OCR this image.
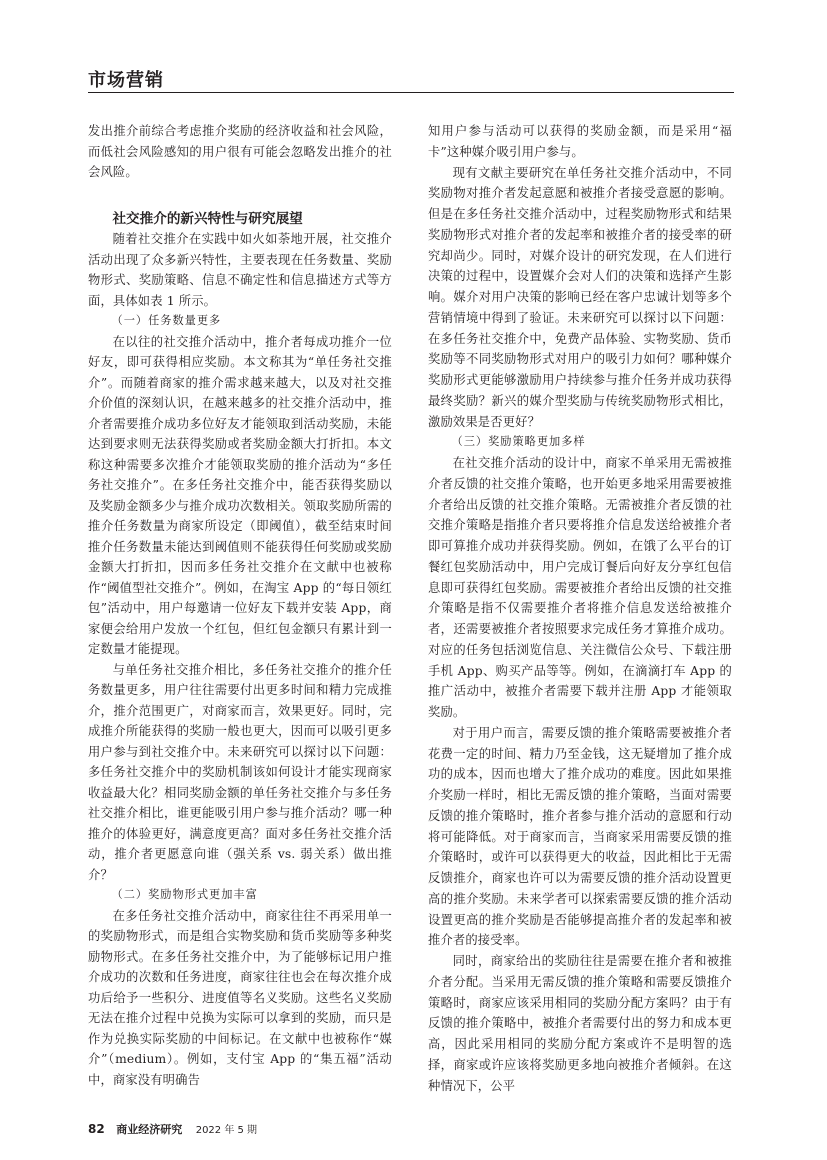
市场营销

发出推介前综合考虑推介奖励的经济收益和社会风险，而低社会风险感知的用户很有可能会忽略发出推介的社会风险。

社交推介的新兴特性与研究展望

随着社交推介在实践中如火如荼地开展，社交推介活动出现了众多新兴特性，主要表现在任务数量、奖励物形式、奖励策略、信息不确定性和信息描述方式等方面，具体如表 1 所示。

（一）任务数量更多

在以往的社交推介活动中，推介者每成功推介一位好友，即可获得相应奖励。本文称其为“单任务社交推介”。而随着商家的推介需求越来越大，以及对社交推介价值的深刻认识，在越来越多的社交推介活动中，推介者需要推介成功多位好友才能领取到活动奖励，未能达到要求则无法获得奖励或者奖励金额大打折扣。本文称这种需要多次推介才能领取奖励的推介活动为“多任务社交推介”。在多任务社交推介中，能否获得奖励以及奖励金额多少与推介成功次数相关。领取奖励所需的推介任务数量为商家所设定（即阈值），截至结束时间推介任务数量未能达到阈值则不能获得任何奖励或奖励金额大打折扣，因而多任务社交推介在文献中也被称作“阈值型社交推介”。例如，在淘宝 App 的“每日领红包”活动中，用户每邀请一位好友下载并安装 App，商家便会给用户发放一个红包，但红包金额只有累计到一定数量才能提现。

与单任务社交推介相比，多任务社交推介的推介任务数量更多，用户往往需要付出更多时间和精力完成推介，推介范围更广，对商家而言，效果更好。同时，完成推介所能获得的奖励一般也更大，因而可以吸引更多用户参与到社交推介中。未来研究可以探讨以下问题：多任务社交推介中的奖励机制该如何设计才能实现商家收益最大化？相同奖励金额的单任务社交推介与多任务社交推介相比，谁更能吸引用户参与推介活动？哪一种推介的体验更好，满意度更高？面对多任务社交推介活动，推介者更愿意向谁（强关系 vs. 弱关系）做出推介？

（二）奖励物形式更加丰富

在多任务社交推介活动中，商家往往不再采用单一的奖励物形式，而是组合实物奖励和货币奖励等多种奖励物形式。在多任务社交推介中，为了能够标记用户推介成功的次数和任务进度，商家往往也会在每次推介成功后给予一些积分、进度值等名义奖励。这些名义奖励无法在推介过程中兑换为实际可以拿到的奖励，而只是作为兑换实际奖励的中间标记。在文献中也被称作“媒介”（medium）。例如，支付宝 App 的“集五福”活动中，商家没有明确告

知用户参与活动可以获得的奖励金额，而是采用“福卡”这种媒介吸引用户参与。

现有文献主要研究在单任务社交推介活动中，不同奖励物对推介者发起意愿和被推介者接受意愿的影响。但是在多任务社交推介活动中，过程奖励物形式和结果奖励物形式对推介者的发起率和被推介者的接受率的研究却尚少。同时，对媒介设计的研究发现，在人们进行决策的过程中，设置媒介会对人们的决策和选择产生影响。媒介对用户决策的影响已经在客户忠诚计划等多个营销情境中得到了验证。未来研究可以探讨以下问题：在多任务社交推介中，免费产品体验、实物奖励、货币奖励等不同奖励物形式对用户的吸引力如何？哪种媒介奖励形式更能够激励用户持续参与推介任务并成功获得最终奖励？新兴的媒介型奖励与传统奖励物形式相比，激励效果是否更好？

（三）奖励策略更加多样

在社交推介活动的设计中，商家不单采用无需被推介者反馈的社交推介策略，也开始更多地采用需要被推介者给出反馈的社交推介策略。无需被推介者反馈的社交推介策略是指推介者只要将推介信息发送给被推介者即可算推介成功并获得奖励。例如，在饿了么平台的订餐红包奖励活动中，用户完成订餐后向好友分享红包信息即可获得红包奖励。需要被推介者给出反馈的社交推介策略是指不仅需要推介者将推介信息发送给被推介者，还需要被推介者按照要求完成任务才算推介成功。对应的任务包括浏览信息、关注微信公众号、下载注册手机 App、购买产品等等。例如，在滴滴打车 App 的推广活动中，被推介者需要下载并注册 App 才能领取奖励。

对于用户而言，需要反馈的推介策略需要被推介者花费一定的时间、精力乃至金钱，这无疑增加了推介成功的成本，因而也增大了推介成功的难度。因此如果推介奖励一样时，相比无需反馈的推介策略，当面对需要反馈的推介策略时，推介者参与推介活动的意愿和行动将可能降低。对于商家而言，当商家采用需要反馈的推介策略时，或许可以获得更大的收益，因此相比于无需反馈推介，商家也许可以为需要反馈的推介活动设置更高的推介奖励。未来学者可以探索需要反馈的推介活动设置更高的推介奖励是否能够提高推介者的发起率和被推介者的接受率。

同时，商家给出的奖励往往是需要在推介者和被推介者分配。当采用无需反馈的推介策略和需要反馈推介策略时，商家应该采用相同的奖励分配方案吗？由于有反馈的推介策略中，被推介者需要付出的努力和成本更高，因此采用相同的奖励分配方案或许不是明智的选择，商家或许应该将奖励更多地向被推介者倾斜。在这种情况下，公平

82 商业经济研究 2022 年 5 期
